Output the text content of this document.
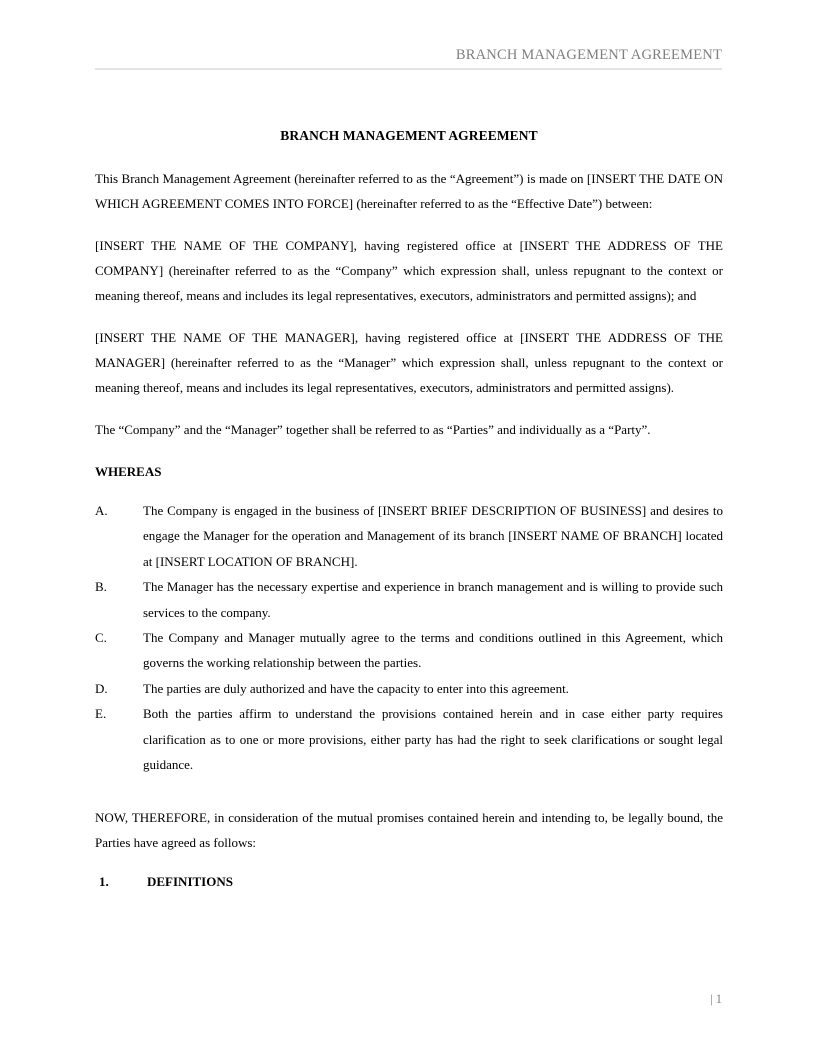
BRANCH MANAGEMENT AGREEMENT
BRANCH MANAGEMENT AGREEMENT

This Branch Management Agreement (hereinafter referred to as the “Agreement”) is made on [INSERT THE DATE ON WHICH AGREEMENT COMES INTO FORCE] (hereinafter referred to as the “Effective Date”) between:

[INSERT THE NAME OF THE COMPANY], having registered office at [INSERT THE ADDRESS OF THE COMPANY] (hereinafter referred to as the “Company” which expression shall, unless repugnant to the context or meaning thereof, means and includes its legal representatives, executors, administrators and permitted assigns); and

[INSERT THE NAME OF THE MANAGER], having registered office at [INSERT THE ADDRESS OF THE MANAGER] (hereinafter referred to as the “Manager” which expression shall, unless repugnant to the context or meaning thereof, means and includes its legal representatives, executors, administrators and permitted assigns).

The “Company” and the “Manager” together shall be referred to as “Parties” and individually as a “Party”.

WHEREAS

A.	The Company is engaged in the business of [INSERT BRIEF DESCRIPTION OF BUSINESS] and desires to engage the Manager for the operation and Management of its branch [INSERT NAME OF BRANCH] located at [INSERT LOCATION OF BRANCH].
B.	The Manager has the necessary expertise and experience in branch management and is willing to provide such services to the company.
C.	The Company and Manager mutually agree to the terms and conditions outlined in this Agreement, which governs the working relationship between the parties.
D.	The parties are duly authorized and have the capacity to enter into this agreement.
E.	Both the parties affirm to understand the provisions contained herein and in case either party requires clarification as to one or more provisions, either party has had the right to seek clarifications or sought legal guidance.

NOW, THEREFORE, in consideration of the mutual promises contained herein and intending to, be legally bound, the Parties have agreed as follows:

1.	DEFINITIONS
| 1
